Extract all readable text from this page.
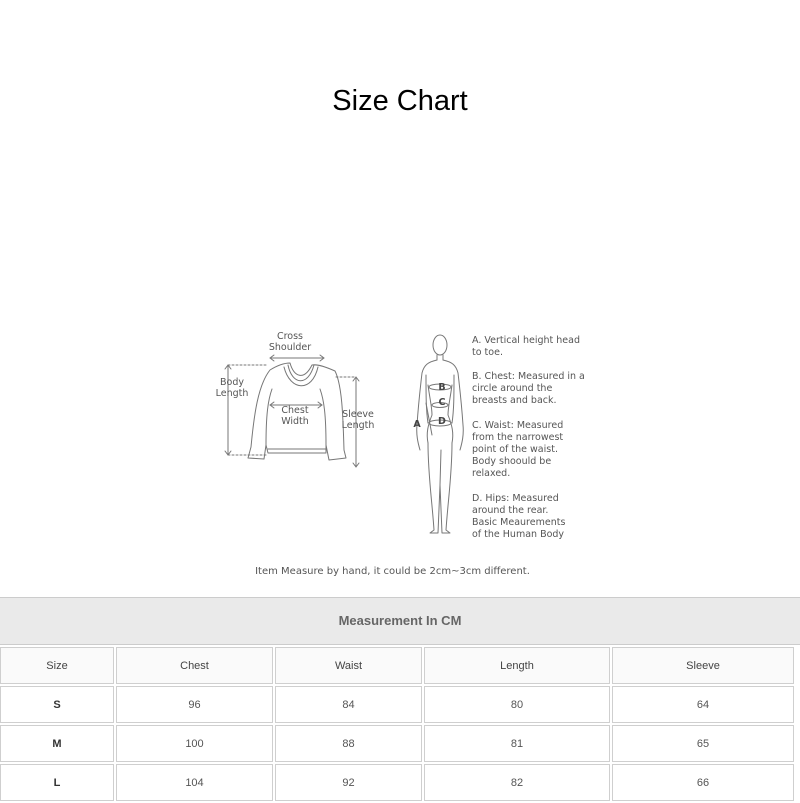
Size Chart
Cross
Shoulder
Body
Length
Chest
Width
Sleeve
Length	A
B
C
D
A. Vertical height head
to toe.
B. Chest: Measured in a
circle around the
breasts and back.
C. Waist: Measured
from the narrowest
point of the waist.
Body shoould be
relaxed.
D. Hips: Measured
around the rear.
Basic Meaurements
of the Human Body
Item Measure by hand, it could be 2cm~3cm different.
Measurement In CM
Size	Chest	Waist	Length	Sleeve
S	96	84	80	64
M	100	88	81	65
L	104	92	82	66
